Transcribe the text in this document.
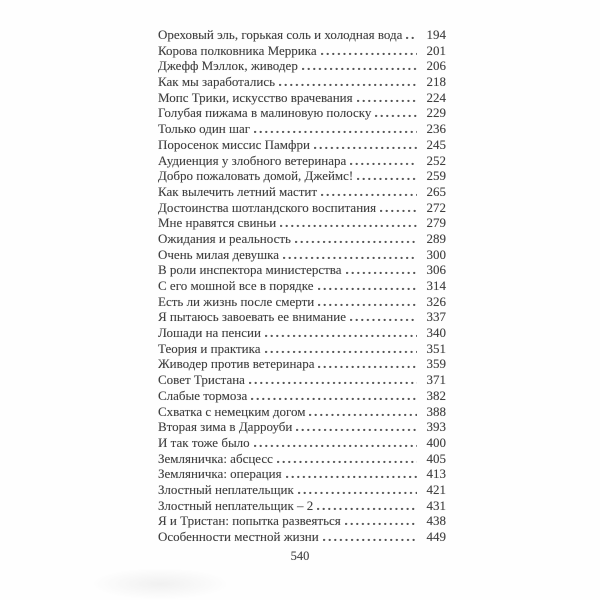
Ореховый эль, горькая соль и холодная вода	194
Корова полковника Меррика	201
Джефф Мэллок, живодер	206
Как мы заработались	218
Мопс Трики, искусство врачевания	224
Голубая пижама в малиновую полоску	229
Только один шаг	236
Поросенок миссис Памфри	245
Аудиенция у злобного ветеринара	252
Добро пожаловать домой, Джеймс!	259
Как вылечить летний мастит	265
Достоинства шотландского воспитания	272
Мне нравятся свиньи	279
Ожидания и реальность	289
Очень милая девушка	300
В роли инспектора министерства	306
С его мошной все в порядке	314
Есть ли жизнь после смерти	326
Я пытаюсь завоевать ее внимание	337
Лошади на пенсии	340
Теория и практика	351
Живодер против ветеринара	359
Совет Тристана	371
Слабые тормоза	382
Схватка с немецким догом	388
Вторая зима в Дарроуби	393
И так тоже было	400
Земляничка: абсцесс	405
Земляничка: операция	413
Злостный неплательщик	421
Злостный неплательщик – 2	431
Я и Тристан: попытка развеяться	438
Особенности местной жизни	449
540
